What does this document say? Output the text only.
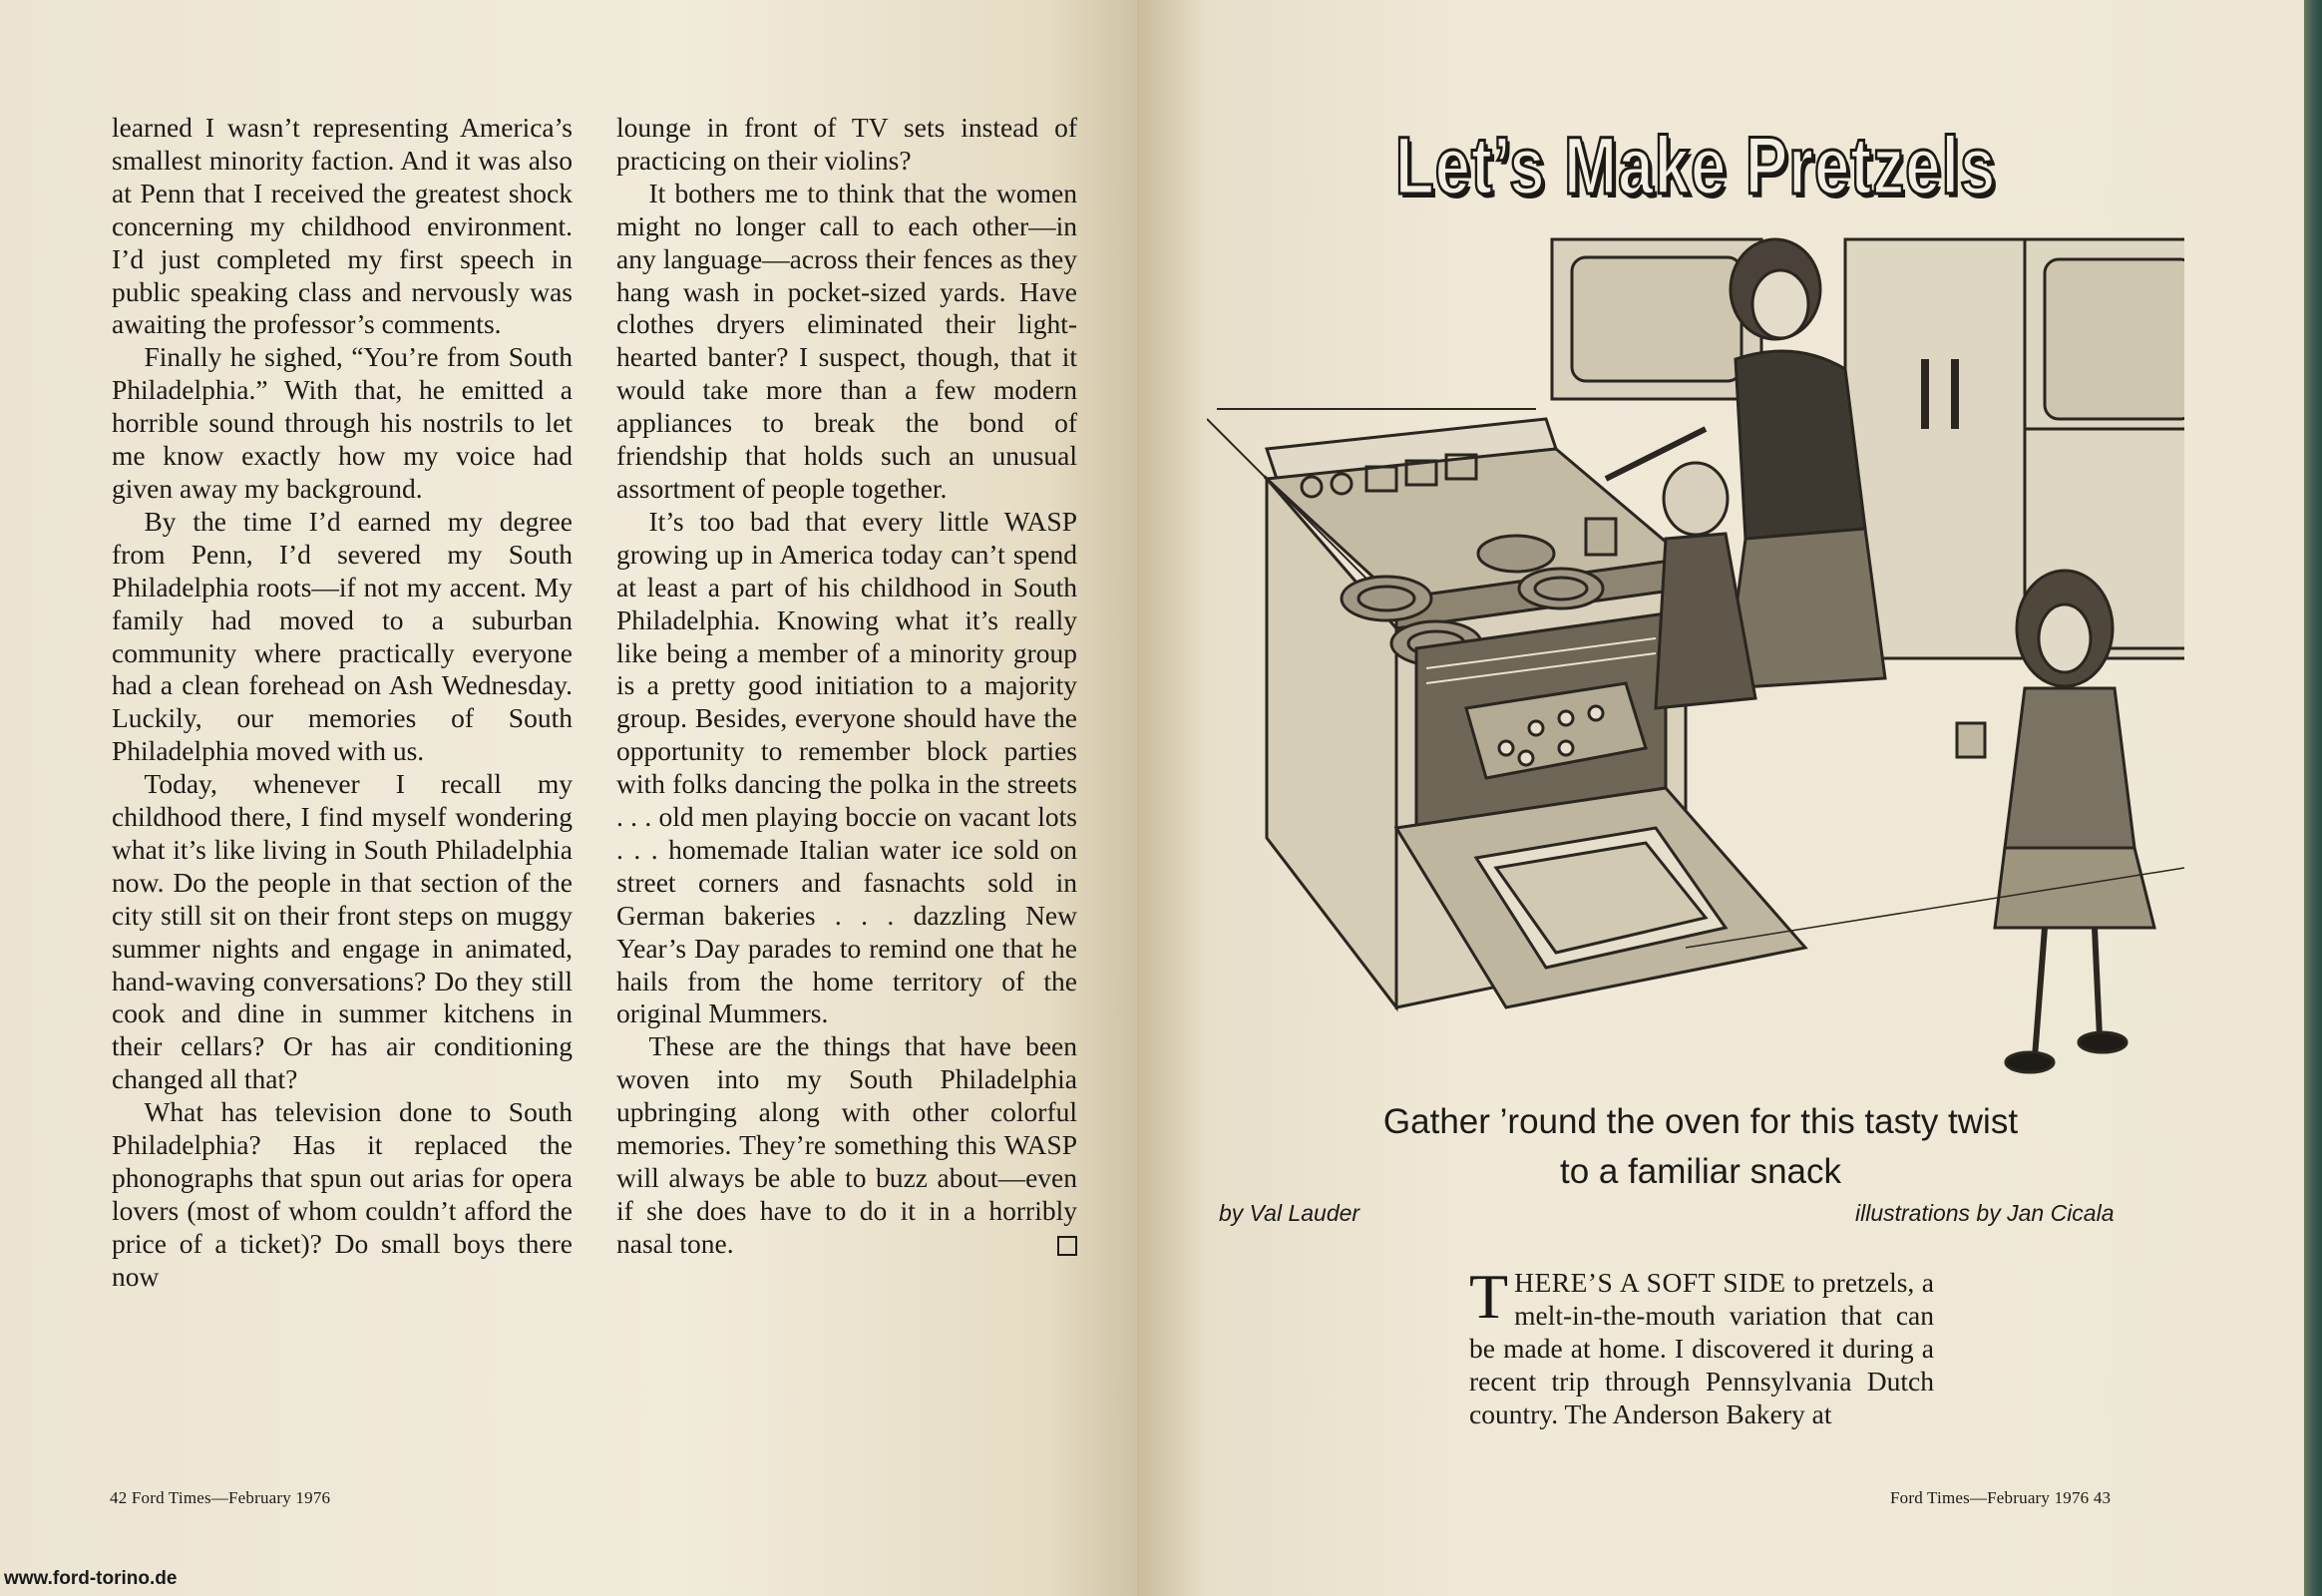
learned I wasn’t representing America’s smallest minority faction. And it was also at Penn that I received the greatest shock concerning my childhood environment. I’d just completed my first speech in public speaking class and nervously was awaiting the professor’s comments.

Finally he sighed, “You’re from South Philadelphia.” With that, he emitted a horrible sound through his nostrils to let me know exactly how my voice had given away my background.

By the time I’d earned my degree from Penn, I’d severed my South Philadelphia roots—if not my accent. My family had moved to a suburban community where practically everyone had a clean forehead on Ash Wednesday. Luckily, our memories of South Philadelphia moved with us.

Today, whenever I recall my childhood there, I find myself wondering what it’s like living in South Philadelphia now. Do the people in that section of the city still sit on their front steps on muggy summer nights and engage in animated, hand-waving conversations? Do they still cook and dine in summer kitchens in their cellars? Or has air conditioning changed all that?

What has television done to South Philadelphia? Has it replaced the phonographs that spun out arias for opera lovers (most of whom couldn’t afford the price of a ticket)? Do small boys there now

lounge in front of TV sets instead of practicing on their violins?

It bothers me to think that the women might no longer call to each other—in any language—across their fences as they hang wash in pocket-sized yards. Have clothes dryers eliminated their light-hearted banter? I suspect, though, that it would take more than a few modern appliances to break the bond of friendship that holds such an unusual assortment of people together.

It’s too bad that every little WASP growing up in America today can’t spend at least a part of his childhood in South Philadelphia. Knowing what it’s really like being a member of a minority group is a pretty good initiation to a majority group. Besides, everyone should have the opportunity to remember block parties with folks dancing the polka in the streets . . . old men playing boccie on vacant lots . . . homemade Italian water ice sold on street corners and fasnachts sold in German bakeries . . . dazzling New Year’s Day parades to remind one that he hails from the home territory of the original Mummers.

These are the things that have been woven into my South Philadelphia upbringing along with other colorful memories. They’re something this WASP will always be able to buzz about—even if she does have to do it in a horribly nasal tone.

42 Ford Times—February 1976
Let’s Make Pretzels
Gather ’round the oven for this tasty twist
to a familiar snack
by Val Lauder	illustrations by Jan Cicala

THERE’S A SOFT SIDE to pretzels, a melt-in-the-mouth variation that can be made at home. I discovered it during a recent trip through Pennsylvania Dutch country. The Anderson Bakery at

Ford Times—February 1976 43
www.ford-torino.de
